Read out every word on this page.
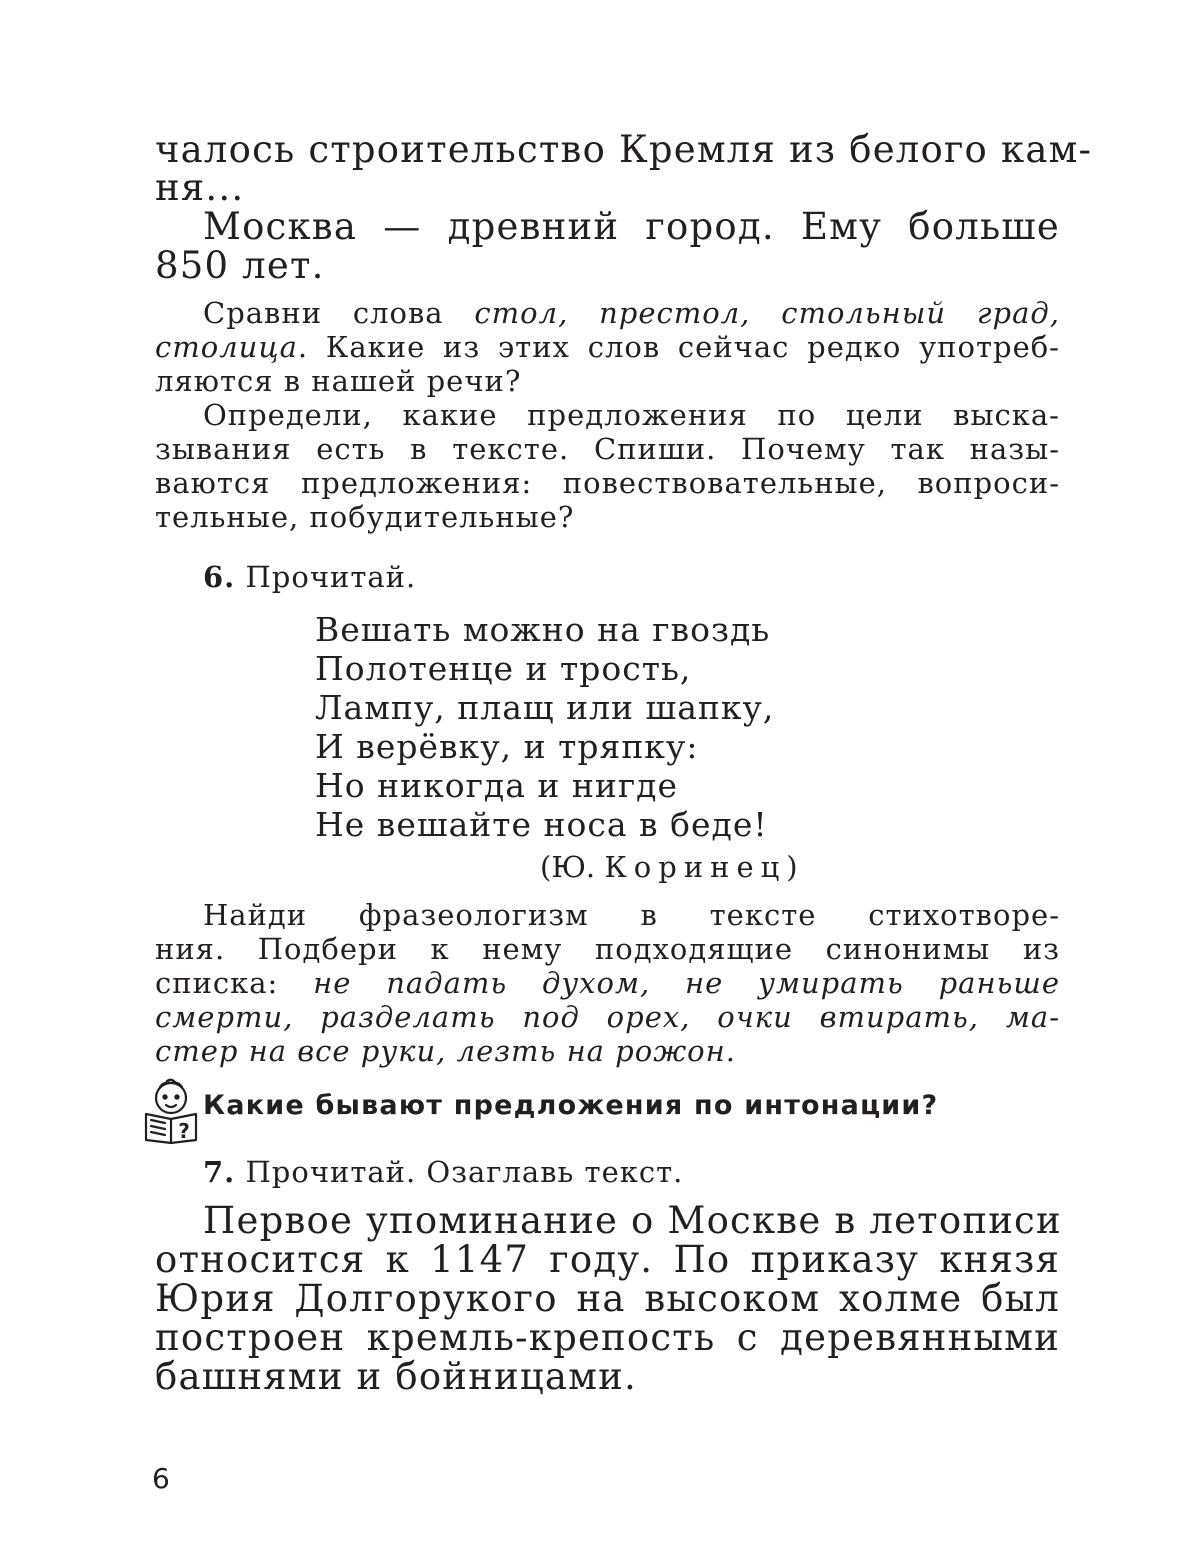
чалось строительство Кремля из белого кам-
ня...
Москва — древний город. Ему больше
850 лет.
Сравни слова стол, престол, стольный град,
столица. Какие из этих слов сейчас редко употреб-
ляются в нашей речи?
Определи, какие предложения по цели выска-
зывания есть в тексте. Спиши. Почему так назы-
ваются предложения: повествовательные, вопроси-
тельные, побудительные?
6. Прочитай.
Вешать можно на гвоздь
Полотенце и трость,
Лампу, плащ или шапку,
И верёвку, и тряпку:
Но никогда и нигде
Не вешайте носа в беде!
(Ю. Коринец)
Найди фразеологизм в тексте стихотворе-
ния. Подбери к нему подходящие синонимы из
списка: не падать духом, не умирать раньше
смерти, разделать под орех, очки втирать, ма-
стер на все руки, лезть на рожон.
?
Какие бывают предложения по интонации?
7. Прочитай. Озаглавь текст.
Первое упоминание о Москве в летописи
относится к 1147 году. По приказу князя
Юрия Долгорукого на высоком холме был
построен кремль-крепость с деревянными
башнями и бойницами.
6
